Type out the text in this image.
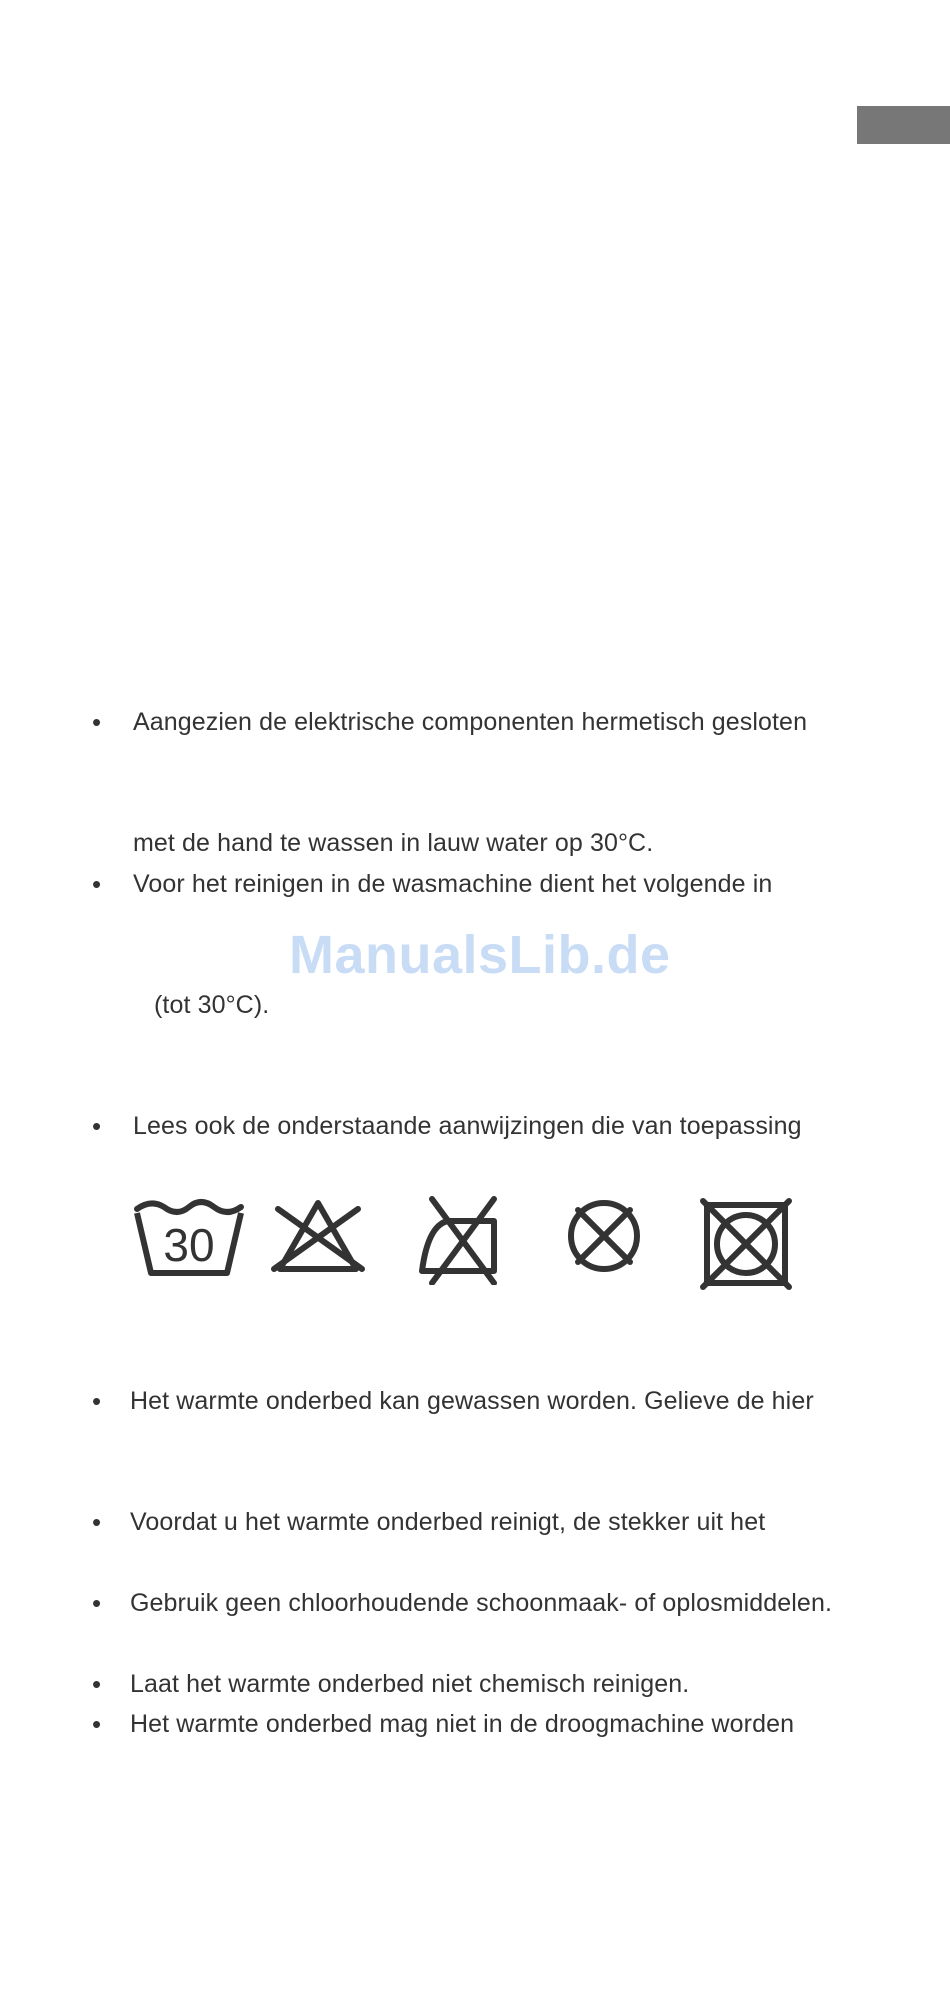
ManualsLib.de
• Aangezien de elektrische componenten hermetisch gesloten
met de hand te wassen in lauw water op 30°C.
• Voor het reinigen in de wasmachine dient het volgende in
(tot 30°C).
• Lees ook de onderstaande aanwijzingen die van toepassing
30
• Het warmte onderbed kan gewassen worden. Gelieve de hier
• Voordat u het warmte onderbed reinigt, de stekker uit het
• Gebruik geen chloorhoudende schoonmaak- of oplosmiddelen.
• Laat het warmte onderbed niet chemisch reinigen.
• Het warmte onderbed mag niet in de droogmachine worden
